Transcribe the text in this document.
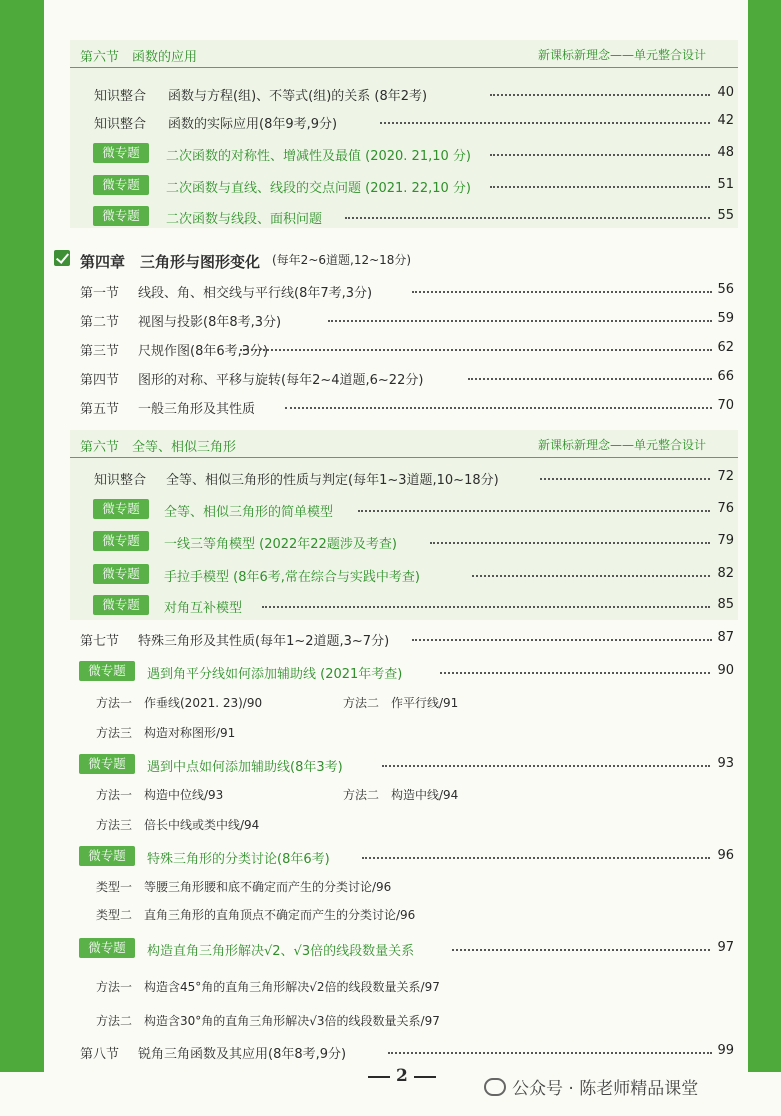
第六节　函数的应用	新课标新理念——单元整合设计
知识整合 函数与方程(组)、不等式(组)的关系 (8年2考)	40
知识整合 函数的实际应用(8年9考,9分)	42
微专题	二次函数的对称性、增减性及最值 (2020. 21,10 分)	48
微专题	二次函数与直线、线段的交点问题 (2021. 22,10 分)	51
微专题	二次函数与线段、面积问题	55
第四章　三角形与图形变化 (每年2~6道题,12~18分)
第一节 线段、角、相交线与平行线(8年7考,3分)	56
第二节 视图与投影(8年8考,3分)	59
第三节 尺规作图(8年6考,3分)	62
第四节 图形的对称、平移与旋转(每年2~4道题,6~22分)	66
第五节 一般三角形及其性质	70
第六节　全等、相似三角形	新课标新理念——单元整合设计
知识整合 全等、相似三角形的性质与判定(每年1~3道题,10~18分)	72
微专题	全等、相似三角形的简单模型	76
微专题	一线三等角模型 (2022年22题涉及考查)	79
微专题	手拉手模型 (8年6考,常在综合与实践中考查)	82
微专题	对角互补模型	85
第七节 特殊三角形及其性质(每年1~2道题,3~7分)	87
微专题	遇到角平分线如何添加辅助线 (2021年考查)	90
方法一　作垂线(2021. 23)/90	方法二　作平行线/91
方法三　构造对称图形/91
微专题	遇到中点如何添加辅助线(8年3考)	93
方法一　构造中位线/93	方法二　构造中线/94
方法三　倍长中线或类中线/94
微专题	特殊三角形的分类讨论(8年6考)	96
类型一　等腰三角形腰和底不确定而产生的分类讨论/96
类型二　直角三角形的直角顶点不确定而产生的分类讨论/96
微专题	构造直角三角形解决√2、√3倍的线段数量关系	97
方法一　构造含45°角的直角三角形解决√2倍的线段数量关系/97
方法二　构造含30°角的直角三角形解决√3倍的线段数量关系/97
第八节 锐角三角函数及其应用(8年8考,9分)	99
2
公众号 · 陈老师精品课堂
